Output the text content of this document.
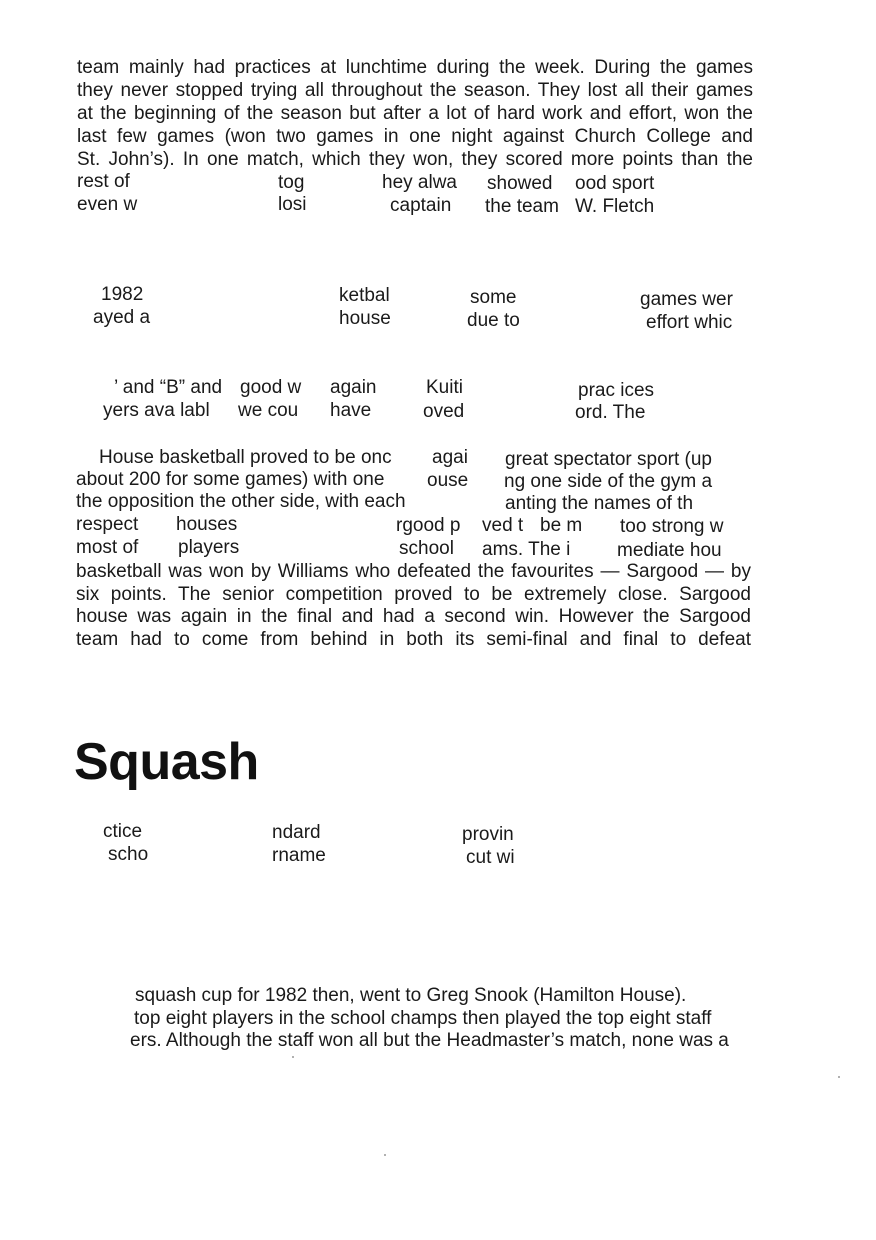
team mainly had practices at lunchtime during the week. During the games
they never stopped trying all throughout the season. They lost all their games
at the beginning of the season but after a lot of hard work and effort, won the
last few games (won two games in one night against Church College and
St. John’s). In one match, which they won, they scored more points than the
rest of	tog	hey alwa showed ood sport
even w	losi	captain the team W. Fletch
1982	ketbal	some	games wer
ayed a	house	due to	effort whic
’ and “B” and good w again	Kuiti	prac ices
yers ava labl we cou have	oved	ord. The
House basketball proved to be onc agai great spectator sport (up
about 200 for some games) with one ouse ng one side of the gym a
the opposition the other side, with each	anting the names of th
respect houses	rgood p ved t be m too strong w
most of players	school ams. The i mediate hou
basketball was won by Williams who defeated the favourites — Sargood — by
six points. The senior competition proved to be extremely close. Sargood
house was again in the final and had a second win. However the Sargood
team had to come from behind in both its semi-final and final to defeat
Squash
ctice	ndard	provin
scho	rname	cut wi
squash cup for 1982 then, went to Greg Snook (Hamilton House).
top eight players in the school champs then played the top eight staff
ers. Although the staff won all but the Headmaster’s match, none was a
